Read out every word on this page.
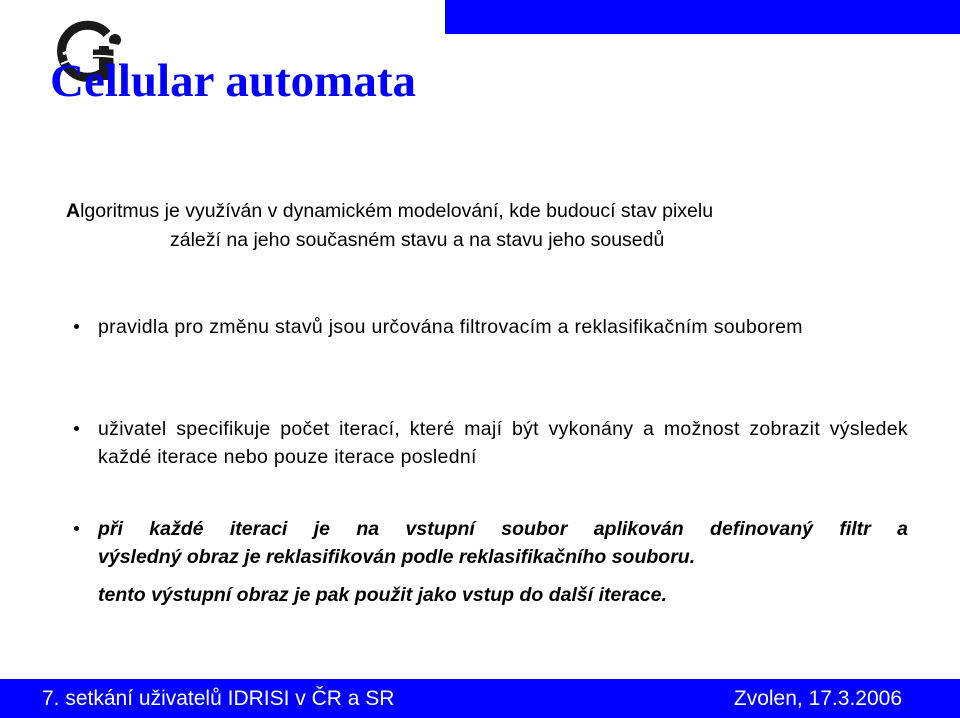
Cellular automata
Algoritmus je využíván v dynamickém modelování, kde budoucí stav pixelu
záleží na jeho současném stavu a na stavu jeho sousedů
pravidla pro změnu stavů jsou určována filtrovacím a reklasifikačním souborem
uživatel specifikuje počet iterací, které mají být vykonány a možnost zobrazit výsledek každé iterace nebo pouze iterace poslední
při každé iteraci je na vstupní soubor aplikován definovaný filtr a
výsledný obraz je reklasifikován podle reklasifikačního souboru.
tento výstupní obraz je pak použit jako vstup do další iterace.
7. setkání uživatelů IDRISI v ČR a SR	Zvolen, 17.3.2006
